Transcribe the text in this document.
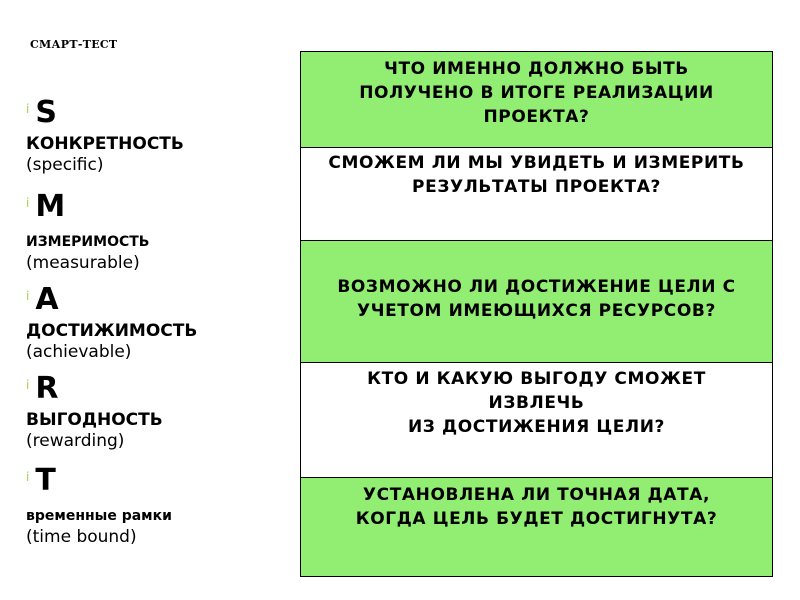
СМАРТ-ТЕСТ
ⅰ S
КОНКРЕТНОСТЬ
(specific)
ⅰ M
ИЗМЕРИМОСТЬ
(measurable)
ⅰ A
ДОСТИЖИМОСТЬ
(achievable)
ⅰ R
ВЫГОДНОСТЬ
(rewarding)
ⅰ T
временные рамки
(time bound)
ЧТО ИМЕННО ДОЛЖНО БЫТЬ
ПОЛУЧЕНО В ИТОГЕ РЕАЛИЗАЦИИ
ПРОЕКТА?
СМОЖЕМ ЛИ МЫ УВИДЕТЬ И ИЗМЕРИТЬ
РЕЗУЛЬТАТЫ ПРОЕКТА?
ВОЗМОЖНО ЛИ ДОСТИЖЕНИЕ ЦЕЛИ С
УЧЕТОМ ИМЕЮЩИХСЯ РЕСУРСОВ?
КТО И КАКУЮ ВЫГОДУ СМОЖЕТ
ИЗВЛЕЧЬ
ИЗ ДОСТИЖЕНИЯ ЦЕЛИ?
УСТАНОВЛЕНА ЛИ ТОЧНАЯ ДАТА,
КОГДА ЦЕЛЬ БУДЕТ ДОСТИГНУТА?
